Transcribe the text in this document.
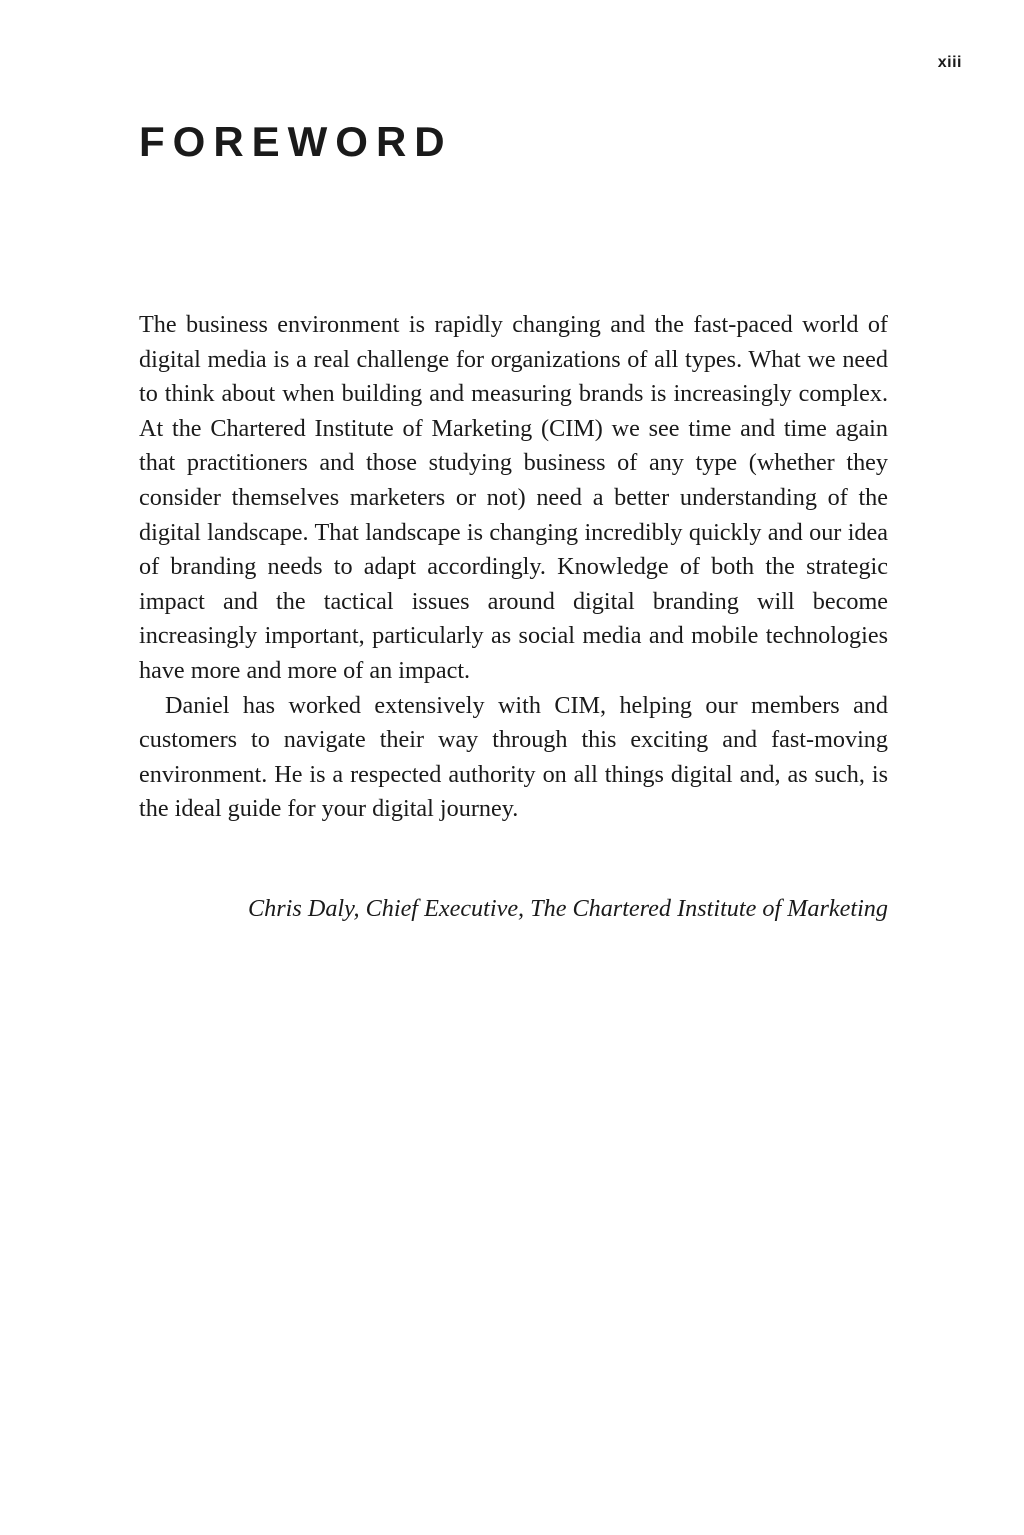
xiii
FOREWORD

The business environment is rapidly changing and the fast-paced world of digital media is a real challenge for organizations of all types. What we need to think about when building and measuring brands is increasingly complex. At the Chartered Institute of Marketing (CIM) we see time and time again that practitioners and those studying business of any type (whether they consider themselves marketers or not) need a better understanding of the digital landscape. That landscape is changing incredibly quickly and our idea of branding needs to adapt accordingly. Knowledge of both the strategic impact and the tactical issues around digital branding will become increasingly important, particularly as social media and mobile technologies have more and more of an impact.

Daniel has worked extensively with CIM, helping our members and customers to navigate their way through this exciting and fast-moving environment. He is a respected authority on all things digital and, as such, is the ideal guide for your digital journey.

Chris Daly, Chief Executive, The Chartered Institute of Marketing
